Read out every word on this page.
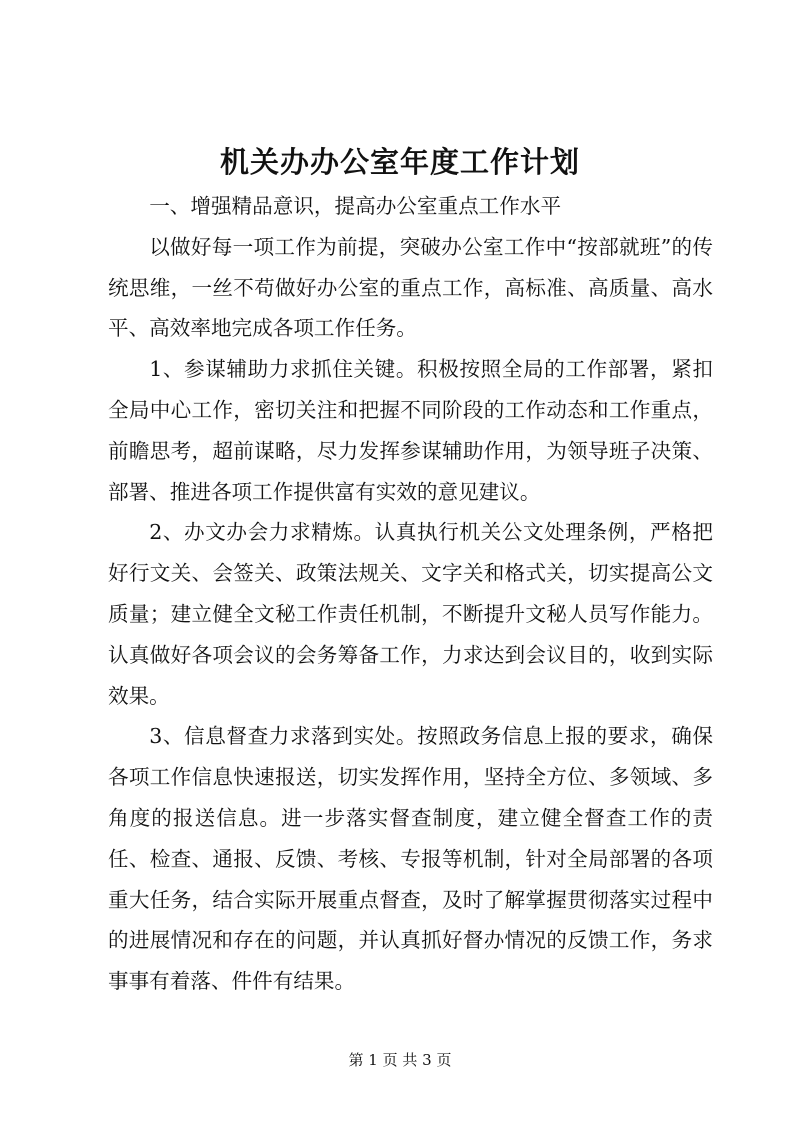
机关办办公室年度工作计划

一、增强精品意识，提高办公室重点工作水平

以做好每一项工作为前提，突破办公室工作中“按部就班”的传统思维，一丝不苟做好办公室的重点工作，高标准、高质量、高水平、高效率地完成各项工作任务。

1、参谋辅助力求抓住关键。积极按照全局的工作部署，紧扣全局中心工作，密切关注和把握不同阶段的工作动态和工作重点，前瞻思考，超前谋略，尽力发挥参谋辅助作用，为领导班子决策、部署、推进各项工作提供富有实效的意见建议。

2、办文办会力求精炼。认真执行机关公文处理条例，严格把好行文关、会签关、政策法规关、文字关和格式关，切实提高公文质量；建立健全文秘工作责任机制，不断提升文秘人员写作能力。认真做好各项会议的会务筹备工作，力求达到会议目的，收到实际效果。

3、信息督查力求落到实处。按照政务信息上报的要求，确保各项工作信息快速报送，切实发挥作用，坚持全方位、多领域、多角度的报送信息。进一步落实督查制度，建立健全督查工作的责任、检查、通报、反馈、考核、专报等机制，针对全局部署的各项重大任务，结合实际开展重点督查，及时了解掌握贯彻落实过程中的进展情况和存在的问题，并认真抓好督办情况的反馈工作，务求事事有着落、件件有结果。

第 1 页 共 3 页
